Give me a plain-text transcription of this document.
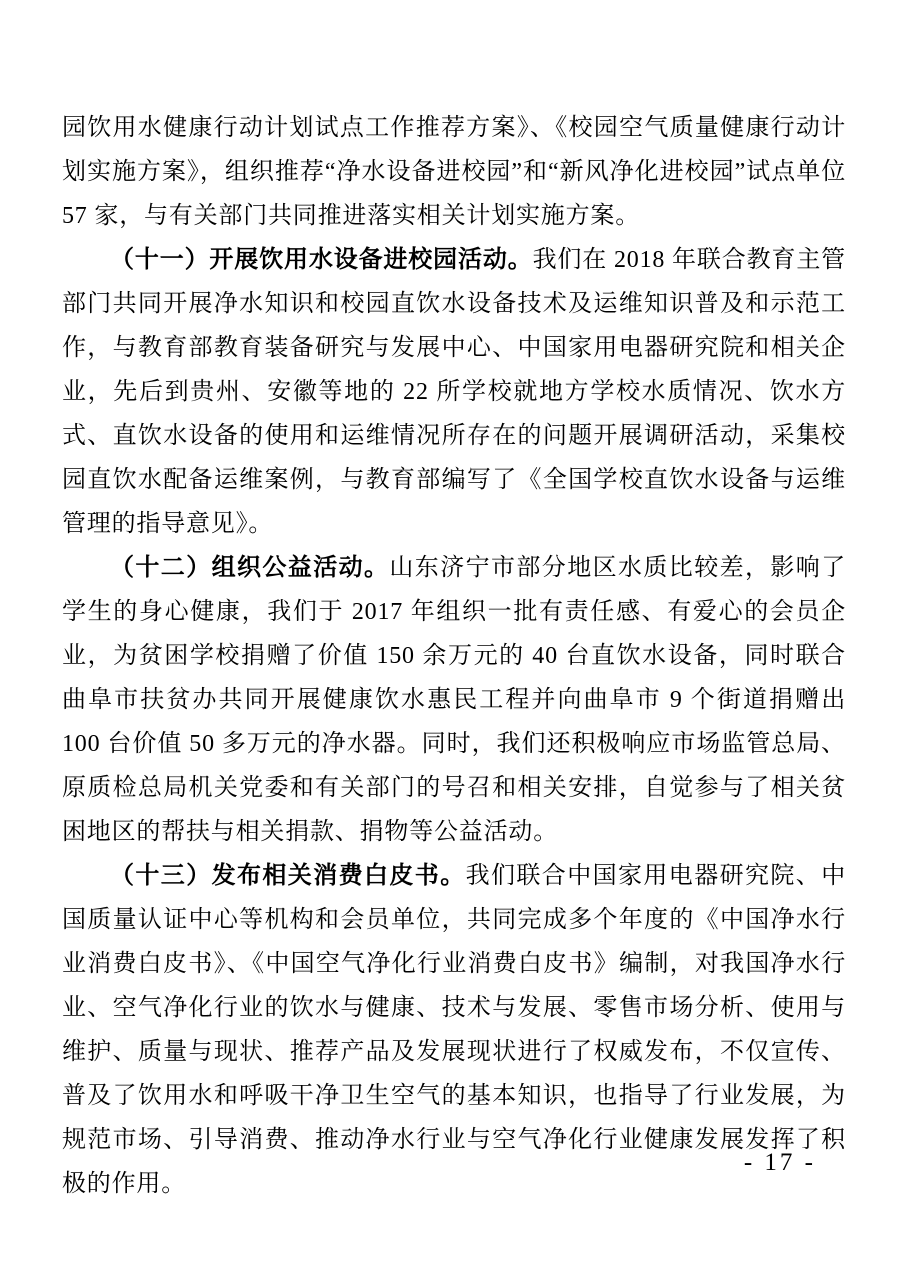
园饮用水健康行动计划试点工作推荐方案》、《校园空气质量健康行动计划实施方案》，组织推荐“净水设备进校园”和“新风净化进校园”试点单位 57 家，与有关部门共同推进落实相关计划实施方案。

（十一）开展饮用水设备进校园活动。我们在 2018 年联合教育主管部门共同开展净水知识和校园直饮水设备技术及运维知识普及和示范工作，与教育部教育装备研究与发展中心、中国家用电器研究院和相关企业，先后到贵州、安徽等地的 22 所学校就地方学校水质情况、饮水方式、直饮水设备的使用和运维情况所存在的问题开展调研活动，采集校园直饮水配备运维案例，与教育部编写了《全国学校直饮水设备与运维管理的指导意见》。

（十二）组织公益活动。山东济宁市部分地区水质比较差，影响了学生的身心健康，我们于 2017 年组织一批有责任感、有爱心的会员企业，为贫困学校捐赠了价值 150 余万元的 40 台直饮水设备，同时联合曲阜市扶贫办共同开展健康饮水惠民工程并向曲阜市 9 个街道捐赠出 100 台价值 50 多万元的净水器。同时，我们还积极响应市场监管总局、原质检总局机关党委和有关部门的号召和相关安排，自觉参与了相关贫困地区的帮扶与相关捐款、捐物等公益活动。

（十三）发布相关消费白皮书。我们联合中国家用电器研究院、中国质量认证中心等机构和会员单位，共同完成多个年度的《中国净水行业消费白皮书》、《中国空气净化行业消费白皮书》编制，对我国净水行业、空气净化行业的饮水与健康、技术与发展、零售市场分析、使用与维护、质量与现状、推荐产品及发展现状进行了权威发布，不仅宣传、普及了饮用水和呼吸干净卫生空气的基本知识，也指导了行业发展，为规范市场、引导消费、推动净水行业与空气净化行业健康发展发挥了积极的作用。

- 17 -
